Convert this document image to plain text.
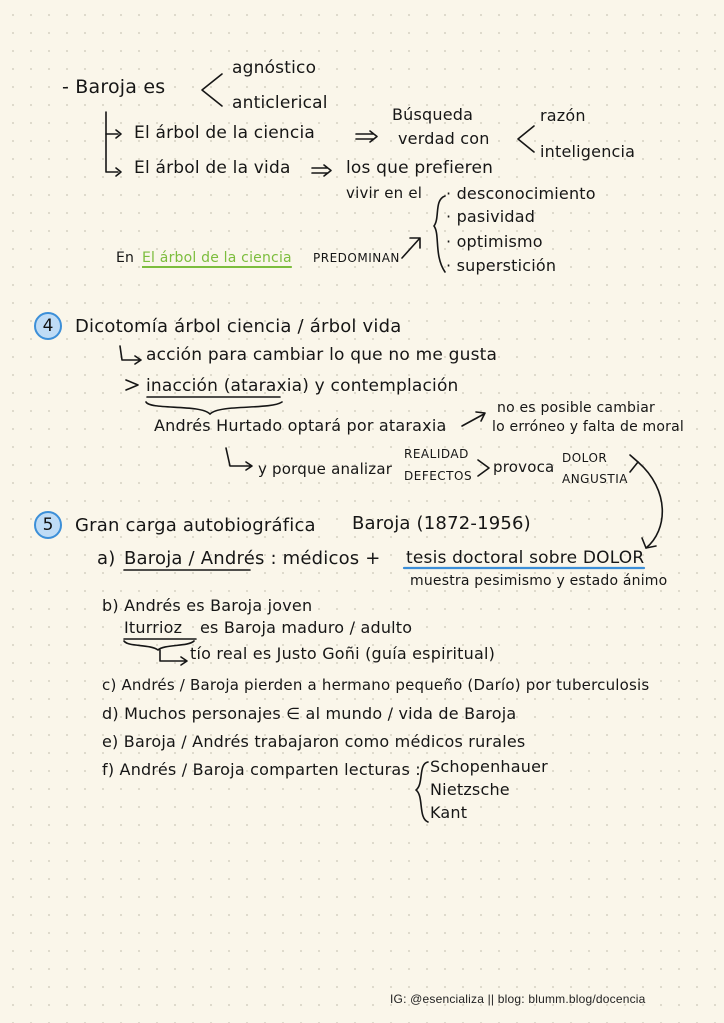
- Baroja es
agnóstico
anticlerical
El árbol de la ciencia
Búsqueda
verdad con
razón
inteligencia
El árbol de la vida	los que prefieren
vivir en el · desconocimiento
· pasividad
· optimismo
· superstición
En El árbol de la ciencia PREDOMINAN
4	Dicotomía árbol ciencia / árbol vida
acción para cambiar lo que no me gusta
inacción (ataraxia) y contemplación
Andrés Hurtado optará por ataraxia
no es posible cambiar
lo erróneo y falta de moral
y porque analizar
REALIDAD
DEFECTOS provoca DOLOR
ANGUSTIA
5	Gran carga autobiográfica Baroja (1872-1956)
a) Baroja / Andrés : médicos + tesis doctoral sobre DOLOR
muestra pesimismo y estado ánimo
b) Andrés es Baroja joven
Iturrioz es Baroja maduro / adulto
tío real es Justo Goñi (guía espiritual)
c) Andrés / Baroja pierden a hermano pequeño (Darío) por tuberculosis
d) Muchos personajes ∈ al mundo / vida de Baroja
e) Baroja / Andrés trabajaron como médicos rurales
f) Andrés / Baroja comparten lecturas : Schopenhauer
Nietzsche
Kant
IG: @esencializa || blog: blumm.blog/docencia
